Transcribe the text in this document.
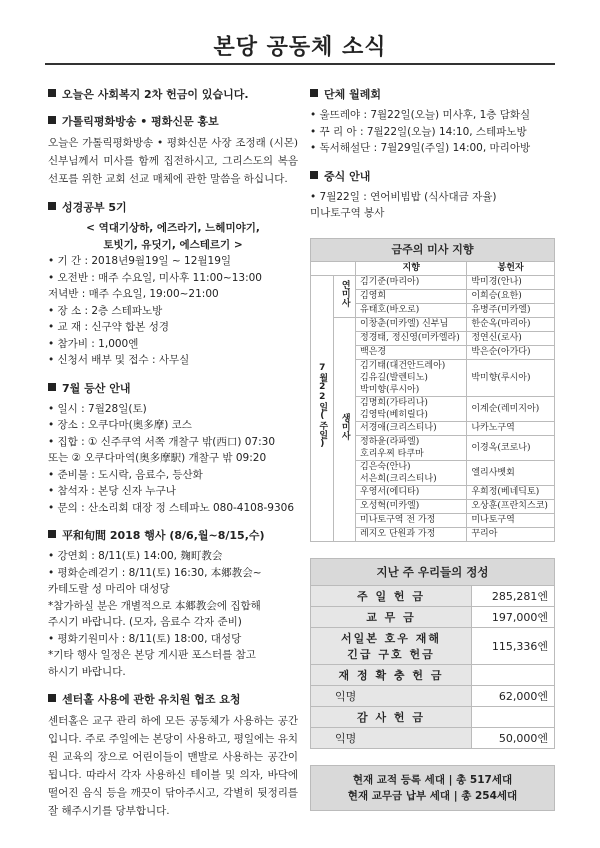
본당 공동체 소식
오늘은 사회복지 2차 헌금이 있습니다.
가톨릭평화방송 • 평화신문 홍보
오늘은 가톨릭평화방송 • 평화신문 사장 조정래 (시몬) 신부님께서 미사를 함께 집전하시고, 그리스도의 복음 선포를 위한 교회 선교 매체에 관한 말씀을 하십니다.
성경공부 5기
< 역대기상하, 에즈라기, 느헤미야기,
토빗기, 유딧기, 에스테르기 >
• 기 간 : 2018년9월19일 ~ 12월19일
• 오전반 : 매주 수요일, 미사후 11:00~13:00
저녁반 : 매주 수요일, 19:00~21:00
• 장 소 : 2층 스테파노방
• 교 재 : 신구약 합본 성경
• 참가비 : 1,000엔
• 신청서 배부 및 접수 : 사무실
7월 등산 안내
• 일시 : 7월28일(토)
• 장소 : 오쿠다마(奥多摩) 코스
• 집합 : ① 신주쿠역 서쪽 개찰구 밖(西口) 07:30
또는 ② 오쿠다마역(奥多摩駅) 개찰구 밖 09:20
• 준비물 : 도시락, 음료수, 등산화
• 참석자 : 본당 신자 누구나
• 문의 : 산소리회 대장 정 스테파노 080-4108-9306
平和旬間 2018 행사 (8/6,월~8/15,수)
• 강연회 : 8/11(토) 14:00, 麹町教会
• 평화순례걷기 : 8/11(토) 16:30, 本郷教会~
카테도랄 성 마리아 대성당
*참가하실 분은 개별적으로 本郷教会에 집합해
주시기 바랍니다. (모자, 음료수 각자 준비)
• 평화기원미사 : 8/11(토) 18:00, 대성당
*기타 행사 일정은 본당 게시판 포스터를 참고
하시기 바랍니다.
센터홀 사용에 관한 유치원 협조 요청
센터홀은 교구 관리 하에 모든 공동체가 사용하는 공간입니다. 주로 주일에는 본당이 사용하고, 평일에는 유치원 교육의 장으로 어린이들이 맨발로 사용하는 공간이 됩니다. 따라서 각자 사용하신 테이블 및 의자, 바닥에 떨어진 음식 등을 깨끗이 닦아주시고, 각별히 뒷정리를 잘 해주시기를 당부합니다.
단체 월례회
• 울뜨레야 : 7월22일(오늘) 미사후, 1층 담화실
• 꾸 리 아 : 7월22일(오늘) 14:10, 스테파노방
• 독서해설단 : 7월29일(주일) 14:00, 마리아방
중식 안내
• 7월22일 : 연어비빔밥 (식사대금 자율)
미나토구역 봉사
금주의 미사 지향			
		지향	봉헌자
7월22일(주일)	연미사	김기준(마리아)	박미경(안나)
		김영희	이희승(요한)
		유태호(바오로)	유병주(미카엘)
	생미사	이창춘(미카엘) 신부님	한순옥(마리아)
		정경태, 정신영(미카엘라)	정연신(로사)
		백은경	박은순(아가다)
		김기태(대건안드레아)
김유길(발렌티노)
박미향(루시아)	박미향(루시아)
		김명희(가타리나)
김영탁(베히릴다)	이계순(레미지아)
		서경애(크리스티나)	나카노구역
		정하윤(라파엘)
호리우찌 타쿠마	이경옥(코로나)
		김은숙(안나)
서은희(크리스티나)	엘리사벳회
		우영서(에디타)	우희정(베네딕토)
		오성혁(미카엘)	오상훈(프란치스코)
		미나토구역 전 가정	미나토구역
		레지오 단원과 가정	꾸리아
지난 주 우리들의 정성	
주 일 헌 금	285,281엔
교 무 금	197,000엔
서일본 호우 재해
긴급 구호 헌금	115,336엔
재 정 확 충 헌 금	
익명	62,000엔
감 사 헌 금	
익명	50,000엔
현재 교적 등록 세대 | 총 517세대
현재 교무금 납부 세대 | 총 254세대
